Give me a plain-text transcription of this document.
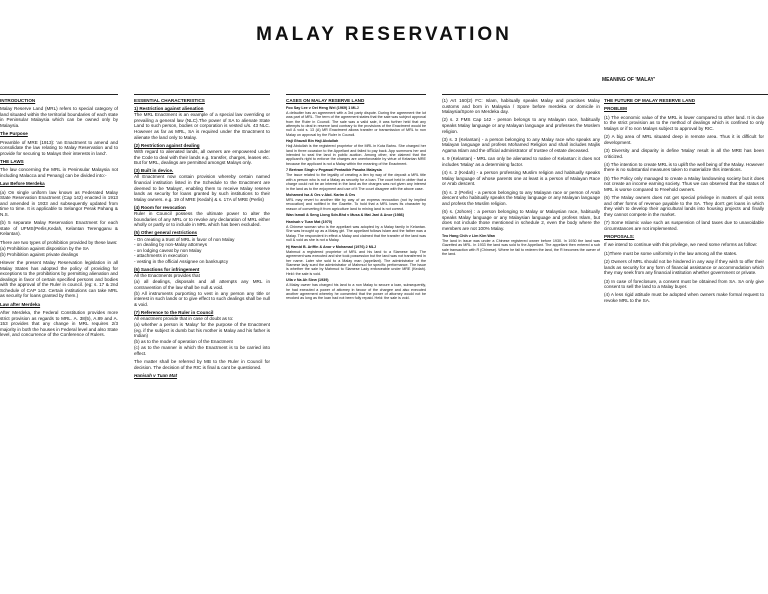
MALAY RESERVATION
MEANING OF 'MALAY'

INTRODUCTION

Malay Reserve Land (MRL) refers to special category of land situated within the territorial boundaries of each state in Peninsular Malaysia which can be owned only by Malaysia.

The Purpose

Preamble of MRE (1913): 'an Enactment to amend and consolidate the law relating to Malay Reservation and to provide for securing to Malays their interests in land'.

THE LAWS

The law concerning the MRL in Peninsular Malaysia not including Malacca and Penang) can be divided into:-

Law Before Merdeka

(a) On single uniform law known as Federated Malay State Reservation Enactment (Cap 142) enacted in 1913 and amended in 1933 and subsequently updated from time to time. It is applicable to Selangor Perak Pahang & N.S.

(b) 5 separate Malay Reservation Enactment for each state of UFMS(Perlis,Kedah, Kelantan Terengganu & Kelantan).

There are two types of prohibition provided by these laws:

(a) Prohibition against disposition by the SA

(b) Prohibition against private dealings

Hitever the present Malay Reservation legislation in all Malay States has adopted the policy of providing for exceptions to the prohibitions by permitting alienation and dealings in favor of certain specified persons and bodies with the approval of the Ruler in council. (eg: s. 17 & 2nd Schedule of CAP 142. Certain institutions can take MRL as security for loans granted by them.)

Law after Merdeka

After Merdeka, the Federal Constitution provides more strict provision as regards to MRL. A. 38(5), A.89 and A. 153 provides that any change in MRL requires 2/3 majority in both the houses in Federal level and also State level, and concurrence of the Conference of Rulers.

ESSENTIAL CHARACTERISTICS

1) Restriction against alienation

The MRL Enactment is an example of a special law overriding or prevailing a general law (NLC).The power of SA to alienate State Land to such person, bodies or corporation is vested u/s. 43 NLC. However as far as MRL, SA is required under the Enactment to alienate the land only to Malay.

(2) Restriction against dealing

With regard to alienated lands, all owners are empowered under the Code to deal with their lands e.g. transfer, charges, leases etc. But for MRL, dealings are permitted amongst Malays only.

(3) Built in device.

All Enactment now contain provision whereby certain named financial institution listed in the Schedule to the Enactment are deemed to be 'Malays', enabling them to receive Malay reserve lands as security for loans granted by such institutions to their Malay owners. e.g. 19 of MRE (Kedah) & s. 17A of MRE (Perlis)

(4) Room for revocation

Ruler in Council possess the ultimate power to alter the boundaries of any MRL or to revoke any declaration of MRL either wholly or partly or to include in MRL which has been excluded.

(5) Other general restrictions

- On creating a trust of MRL in favor of non Malay
- on dealing by non-Malay attorneys
- on lodging caveat by non Malay
- attachments in execution
- vesting in the official Assignee on bankruptcy

(6) Sanctions for infringement

All the Enactments provides that

(a) all dealings, disposals and all attempts any MRL in contravention of the law shall be null & void.

(b) All instruments purporting to vest in any person any title or interest in such lands or to give effect to such dealings shall be null & void.

(7) Reference to the Ruler in Council

All enactment provide that in case of doubt as to:

(a) whether a person is 'Malay' for the purpose of the Enactment (eg. if the subject is dumb but his mother is Malay and his father is Indian)

(b) as to the mode of operation of the Enactment

(c) as to the manner in which the Enactment is to be carried into effect.

The matter shall be referred by MB to the Ruler in Council for decision. The decision of the RIC is final & cant be questioned.

Hanisah v Tuan Mat

CASES ON MALAY RESERVE LAND

Foo Say Lee v Oei Heng Wei (1969) 1 MLJ

A defaulter has an agreement with a 3rd party dispute. During the agreement the lot was part of MRL. The term of the agreement states that the sale was subject approval from the Ruler in Council. The sale was a valid sale, it was further held that any attempts to deal in reserve land contrary to the provisions of the Enactment would be null & void s. 13 (A) MR Enactment allows transfer or transmission of MRL to non Malay on approval by the Ruler in Council.

Haji Ghazali Bin Haji Abdullah

Haji Abdullah is the registered proprietor of the MRL in Kota Bahru. She charged her land in three occasion to the Appellant and failed to pay back. App summons her and intended to seal the land in public auction. Among other, she claimed that the applicant's right to enforce the charges are unenforceable by virtue of Kelantan MRE because the applicant is not a Malay within the meaning of the Enactment.

7 Bertram Singh v Pegawai Pentadbir Pasaha Malaysia

The issue related to the legality of creating a lien by way of the deposit a MRL title with a person who is not a Malay as security for a loan. The court held in obiter that a charge could not be an interest in the land as the charges was not given any interest in the land as to the enjoyment and use of it The court disagree with the above case.

Mohamed Isa & Ors v Abd. Karim & Ors

MRL may revert to another title by way of an express revocation (not by implied revocation) and notified in the Gazette. To hold that a MRL loses its character by reason of converting it from agriculture land to mining land is not correct.

Wan Ismail & Seng Liong Sdn.Bhd v Musa & Mat Jani & Anor (1986)

Hanisah v Tuan Mat (1970)

A Chinese woman who is the appellant was adopted by a Malay family in Kelantan. She was brought up as a Malay girl. The appellant follows Islam and the father was a Malay. The respondent in effect a Malay and claimed that the transfer of the land was null & void as she is not a Malay.

Hj Hamid B. Ariffin & Anor v Mohamad (1976) 2 MLJ

Mahmud a registered proprietor of MRL and his land to a Siamese lady. The agreement was executed and she took possession but the land was not transferred in her name. Later she sold to a Malay man (appellant). The administrator of the Siamese lady sued the administrator of Mahmud for specific performance. The issue is whether the sale by Mahmud to Siamese Lady enforceable under MRE (Kedah). Held: the sale is void.

Ulla v Na Ah Siew (1939)

A Malay owner has charged his land to a non Malay to secure a loan, subsequently, he had executed a power of attorney in favour of the chargee and also executed another agreement whereby he consented that the power of attorney would not be revoked as long as the loan had not been fully repaid. Held: the sale is void.

(1) Art 160(2) FC: Islam, habitually speaks Malay and practises Malay customs and born in Malaysia / Spore before merdeka or domicile in Malaysia/Spore on Merdeka day.

(2) s. 2 FMS Cap 142 - person belongs to any Malayan race, habitually speaks Malay language or any Malayan language and professes the Moslem religion.

(3) s. 3 (Kelantan) - a person belonging to any Malay race who speaks any Malayan language and profess Mohamed Religion and shall includes Majlis Agama Islam and the official administrator of trustee of estate deceased.

s. 9 (Kelantan) - MRL can only be alienated to native of Kelantan: it does not includes 'Malay' as a determining factor.

(4) s. 2 (Kedah) - a person professing Muslim religion and habitually speaks Malay language of whose parents one at least is a person of Malayan Race or Arab descent.

(5) s. 2 (Perlis) - a person belonging to any Malayan race or person of Arab descent who habitually speaks the Malay language or any Malayan language and profess the Muslim religion.

(6) s. (Johore) : a person belonging to Malay or Malaysian race, habitually speaks Malay language or any Malaysian language and profess Islam, but does not include those mentioned in schedule 2, even the body where the members are not 100% Malay.

Teo Hang Chih v Lim Kim Wan

The land in issue was under a Chinese registered owner before 1930. In 1930 the land was Gazetted as MRL. In 1933 the land was sold to the Appellant. The appellant then entered a sub sale transaction with R (Chinese). Where he fail to redeem the land, the R becomes the owner of the land.

THE FUTURE OF MALAY RESERVE LAND

PROBLEM

(1) The economic value of the MRL is lower compared to other land. It is due to the strict provision as to the method of dealings which is confined to only Malays or if to non Malays subject to approval by RIC.

(2) A big area of MRL situated deep in remote area. Thus it is difficult for development.

(3) Diversity and disparity in define 'Malay' result in all the MRE has been criticized.

(4) The intention to create MRL is to uplift the well being of the Malay. However there is no substantial measures taken to materialize this intentions.

(5) The Policy only managed to create a Malay landowning society but it does not create an income earning society. Thus we can observed that the status of MRL is worse compared to Freehold owners.

(6) The Malay owners does not get special privilege in matters of quit rents and other forms of revenue payable to the SA. They don't get loans in which they wish to develop their agricultural lands into housing projects and finally they cannot compete in the market.

(7) Some Islamic value such as suspension of land taxes due to unavoidable circumstances are not implemented.

PROPOSALS:

If we intend to continue with this privilege, we need some reforms as follow:

(1)There must be some uniformity in the law among all the states.

(2) Owners of MRL should not be hindered in any way if they wish to offer their lands as security for any form of financial assistance or accommodation which they may seek from any financial institution whether government or private.

(3) In case of foreclosure, a consent must be obtained from SA. SA only give consent to sell the land to a Malay buyer.

(4) A less rigid attitude must be adopted when owners make formal request to revoke MRL to the SA.
